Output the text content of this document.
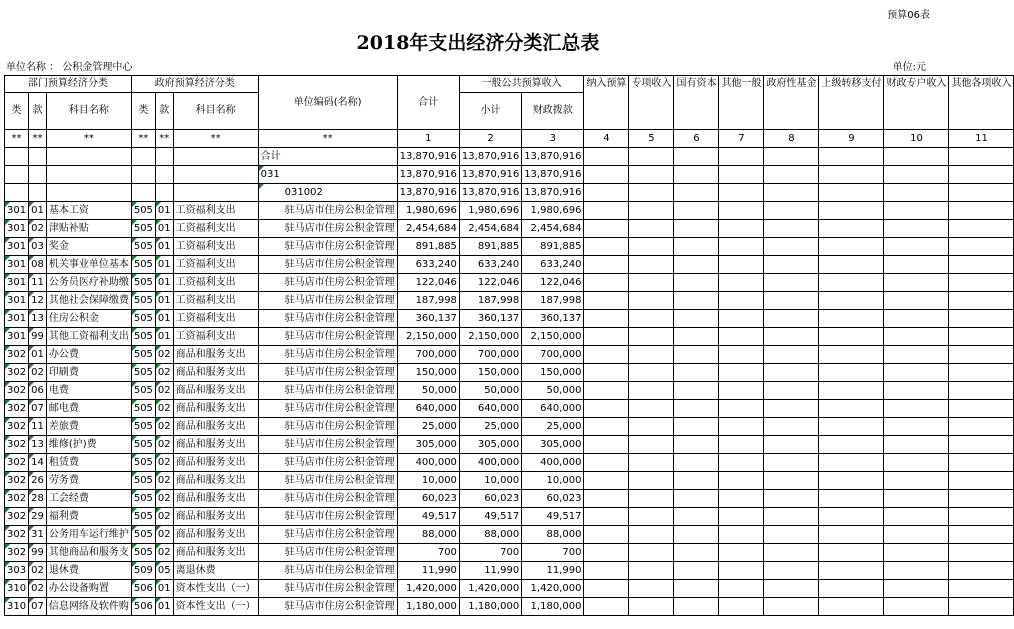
预算06表
2018年支出经济分类汇总表
单位名称 ： 公积金管理中心	单位:元
部门预算经济分类			政府预算经济分类			单位编码(名称)	合计	一般公共预算收入		纳入预算	专项收入	国有资本	其他一般	政府性基金	上级转移支付	财政专户收入	其他各项收入
类	款	科目名称	类	款	科目名称			小计	财政拨款								
**	**	**	**	**	**	**	1	2	3	4	5	6	7	8	9	10	11
						合计	13,870,916	13,870,916	13,870,916								
						031	13,870,916	13,870,916	13,870,916								
						031002	13,870,916	13,870,916	13,870,916								
301	01	基本工资	505	01	工资福利支出	驻马店市住房公积金管理	1,980,696	1,980,696	1,980,696								
301	02	津贴补贴	505	01	工资福利支出	驻马店市住房公积金管理	2,454,684	2,454,684	2,454,684								
301	03	奖金	505	01	工资福利支出	驻马店市住房公积金管理	891,885	891,885	891,885								
301	08	机关事业单位基本	505	01	工资福利支出	驻马店市住房公积金管理	633,240	633,240	633,240								
301	11	公务员医疗补助缴	505	01	工资福利支出	驻马店市住房公积金管理	122,046	122,046	122,046								
301	12	其他社会保障缴费	505	01	工资福利支出	驻马店市住房公积金管理	187,998	187,998	187,998								
301	13	住房公积金	505	01	工资福利支出	驻马店市住房公积金管理	360,137	360,137	360,137								
301	99	其他工资福利支出	505	01	工资福利支出	驻马店市住房公积金管理	2,150,000	2,150,000	2,150,000								
302	01	办公费	505	02	商品和服务支出	驻马店市住房公积金管理	700,000	700,000	700,000								
302	02	印刷费	505	02	商品和服务支出	驻马店市住房公积金管理	150,000	150,000	150,000								
302	06	电费	505	02	商品和服务支出	驻马店市住房公积金管理	50,000	50,000	50,000								
302	07	邮电费	505	02	商品和服务支出	驻马店市住房公积金管理	640,000	640,000	640,000								
302	11	差旅费	505	02	商品和服务支出	驻马店市住房公积金管理	25,000	25,000	25,000								
302	13	维修(护)费	505	02	商品和服务支出	驻马店市住房公积金管理	305,000	305,000	305,000								
302	14	租赁费	505	02	商品和服务支出	驻马店市住房公积金管理	400,000	400,000	400,000								
302	26	劳务费	505	02	商品和服务支出	驻马店市住房公积金管理	10,000	10,000	10,000								
302	28	工会经费	505	02	商品和服务支出	驻马店市住房公积金管理	60,023	60,023	60,023								
302	29	福利费	505	02	商品和服务支出	驻马店市住房公积金管理	49,517	49,517	49,517								
302	31	公务用车运行维护	505	02	商品和服务支出	驻马店市住房公积金管理	88,000	88,000	88,000								
302	99	其他商品和服务支	505	02	商品和服务支出	驻马店市住房公积金管理	700	700	700								
303	02	退休费	509	05	离退休费	驻马店市住房公积金管理	11,990	11,990	11,990								
310	02	办公设备购置	506	01	资本性支出（一）	驻马店市住房公积金管理	1,420,000	1,420,000	1,420,000								
310	07	信息网络及软件购	506	01	资本性支出（一）	驻马店市住房公积金管理	1,180,000	1,180,000	1,180,000								
